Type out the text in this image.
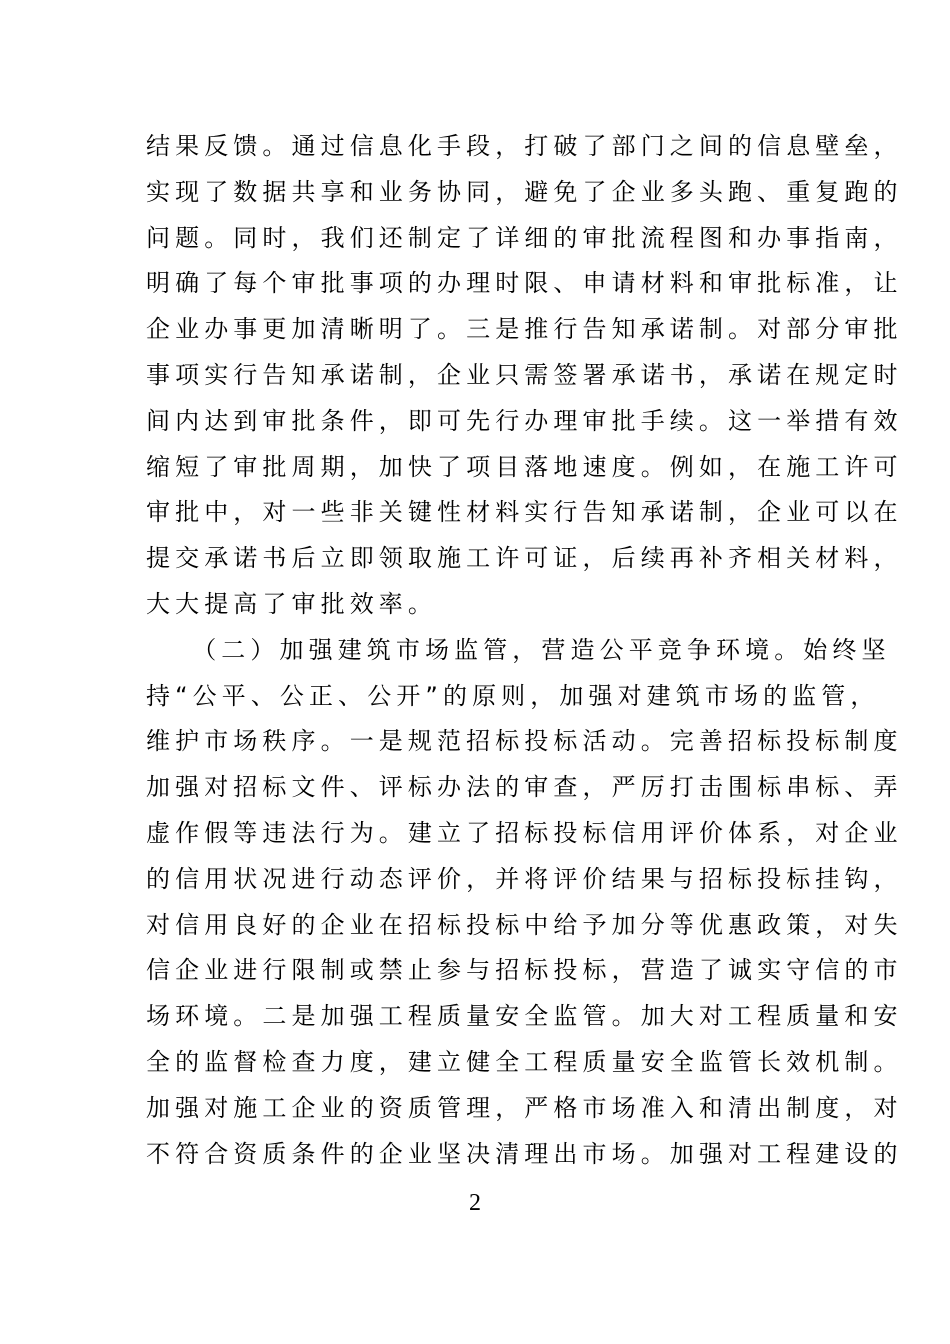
结果反馈。通过信息化手段，打破了部门之间的信息壁垒，
实现了数据共享和业务协同，避免了企业多头跑、重复跑的
问题。同时，我们还制定了详细的审批流程图和办事指南，
明确了每个审批事项的办理时限、申请材料和审批标准，让
企业办事更加清晰明了。三是推行告知承诺制。对部分审批
事项实行告知承诺制，企业只需签署承诺书，承诺在规定时
间内达到审批条件，即可先行办理审批手续。这一举措有效
缩短了审批周期，加快了项目落地速度。例如，在施工许可
审批中，对一些非关键性材料实行告知承诺制，企业可以在
提交承诺书后立即领取施工许可证，后续再补齐相关材料，
大大提高了审批效率。
　　（二）加强建筑市场监管，营造公平竞争环境。始终坚
持“公平、公正、公开”的原则，加强对建筑市场的监管，
维护市场秩序。一是规范招标投标活动。完善招标投标制度
加强对招标文件、评标办法的审查，严厉打击围标串标、弄
虚作假等违法行为。建立了招标投标信用评价体系，对企业
的信用状况进行动态评价，并将评价结果与招标投标挂钩，
对信用良好的企业在招标投标中给予加分等优惠政策，对失
信企业进行限制或禁止参与招标投标，营造了诚实守信的市
场环境。二是加强工程质量安全监管。加大对工程质量和安
全的监督检查力度，建立健全工程质量安全监管长效机制。
加强对施工企业的资质管理，严格市场准入和清出制度，对
不符合资质条件的企业坚决清理出市场。加强对工程建设的
2
